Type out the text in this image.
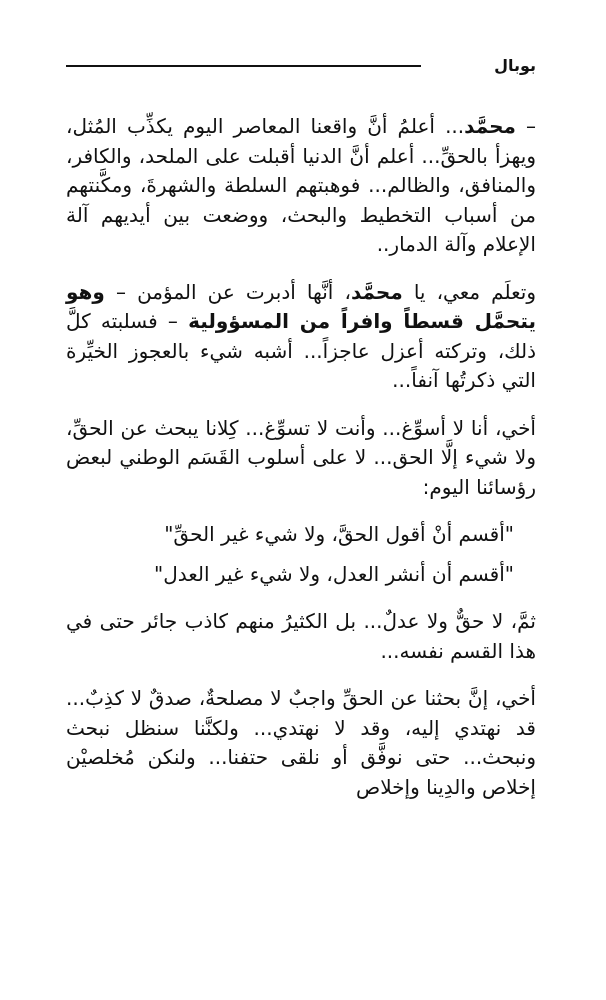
بوبال

– محمَّد... أعلمُ أنَّ واقعنا المعاصر اليوم يكذِّب المُثل، ويهزأ بالحقِّ... أعلم أنَّ الدنيا أقبلت على الملحد، والكافر، والمنافق، والظالم... فوهبتهم السلطة والشهرةَ، ومكَّنتهم من أسباب التخطيط والبحث، ووضعت بين أيديهم آلة الإعلام وآلة الدمار..

وتعلَم معي، يا محمَّد، أنَّها أدبرت عن المؤمن – وهو يتحمَّل قسطاً وافراً من المسؤولية – فسلبته كلَّ ذلك، وتركته أعزل عاجزاً... أشبه شيء بالعجوز الخيِّرة التي ذكرتُها آنفاً...

أخي، أنا لا أسوِّغ... وأنت لا تسوِّغ... كِلانا يبحث عن الحقِّ، ولا شيء إلَّا الحق... لا على أسلوب القَسَم الوطني لبعض رؤسائنا اليوم:

"أقسم أنْ أقول الحقَّ، ولا شيء غير الحقِّ"

"أقسم أن أنشر العدل، ولا شيء غير العدل"

ثمَّ، لا حقٌّ ولا عدلٌ... بل الكثيرُ منهم كاذب جائر حتى في هذا القسم نفسه...

أخي، إنَّ بحثنا عن الحقِّ واجبٌ لا مصلحةٌ، صدقٌ لا كذِبٌ... قد نهتدي إليه، وقد لا نهتدي... ولكنَّنا سنظل نبحث ونبحث... حتى نوفَّق أو نلقى حتفنا... ولنكن مُخلصيْن إخلاص والدِينا وإخلاص
